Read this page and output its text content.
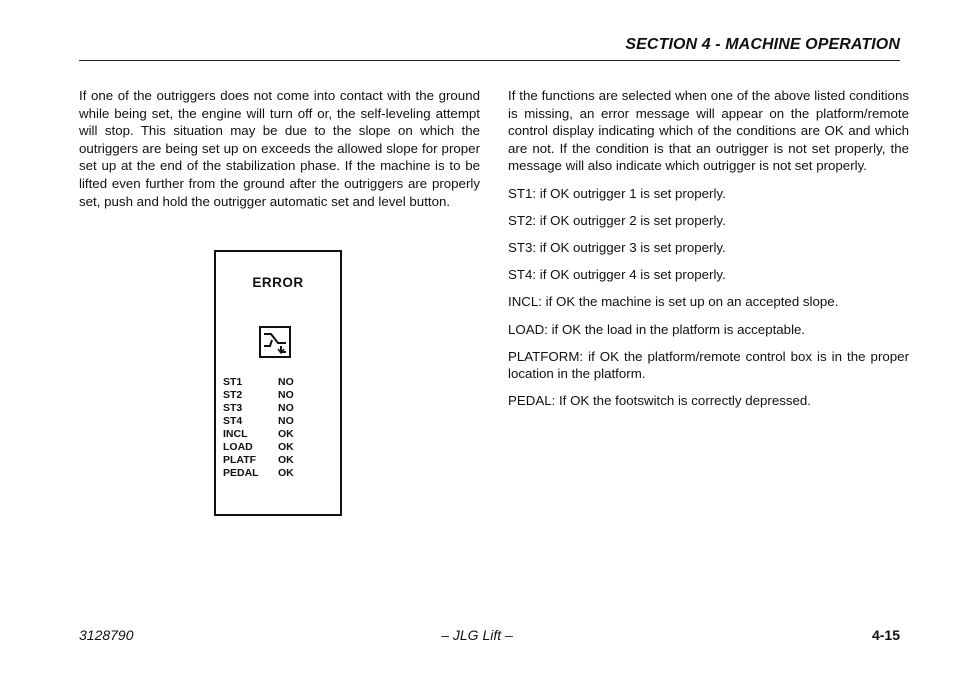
SECTION 4 - MACHINE OPERATION

If one of the outriggers does not come into contact with the ground while being set, the engine will turn off or, the self-leveling attempt will stop. This situation may be due to the slope on which the outriggers are being set up on exceeds the allowed slope for proper set up at the end of the stabilization phase. If the machine is to be lifted even further from the ground after the outriggers are properly set, push and hold the outrigger automatic set and level button.

ERROR
ST1	NO
ST2	NO
ST3	NO
ST4	NO
INCL	OK
LOAD	OK
PLATF	OK
PEDAL	OK

If the functions are selected when one of the above listed conditions is missing, an error message will appear on the platform/remote control display indicating which of the conditions are OK and which are not. If the condition is that an outrigger is not set properly, the message will also indicate which outrigger is not set properly.

ST1: if OK outrigger 1 is set properly.

ST2: if OK outrigger 2 is set properly.

ST3: if OK outrigger 3 is set properly.

ST4: if OK outrigger 4 is set properly.

INCL: if OK the machine is set up on an accepted slope.

LOAD: if OK the load in the platform is acceptable.

PLATFORM: if OK the platform/remote control box is in the proper location in the platform.

PEDAL: If OK the footswitch is correctly depressed.

3128790	– JLG Lift –	4-15
